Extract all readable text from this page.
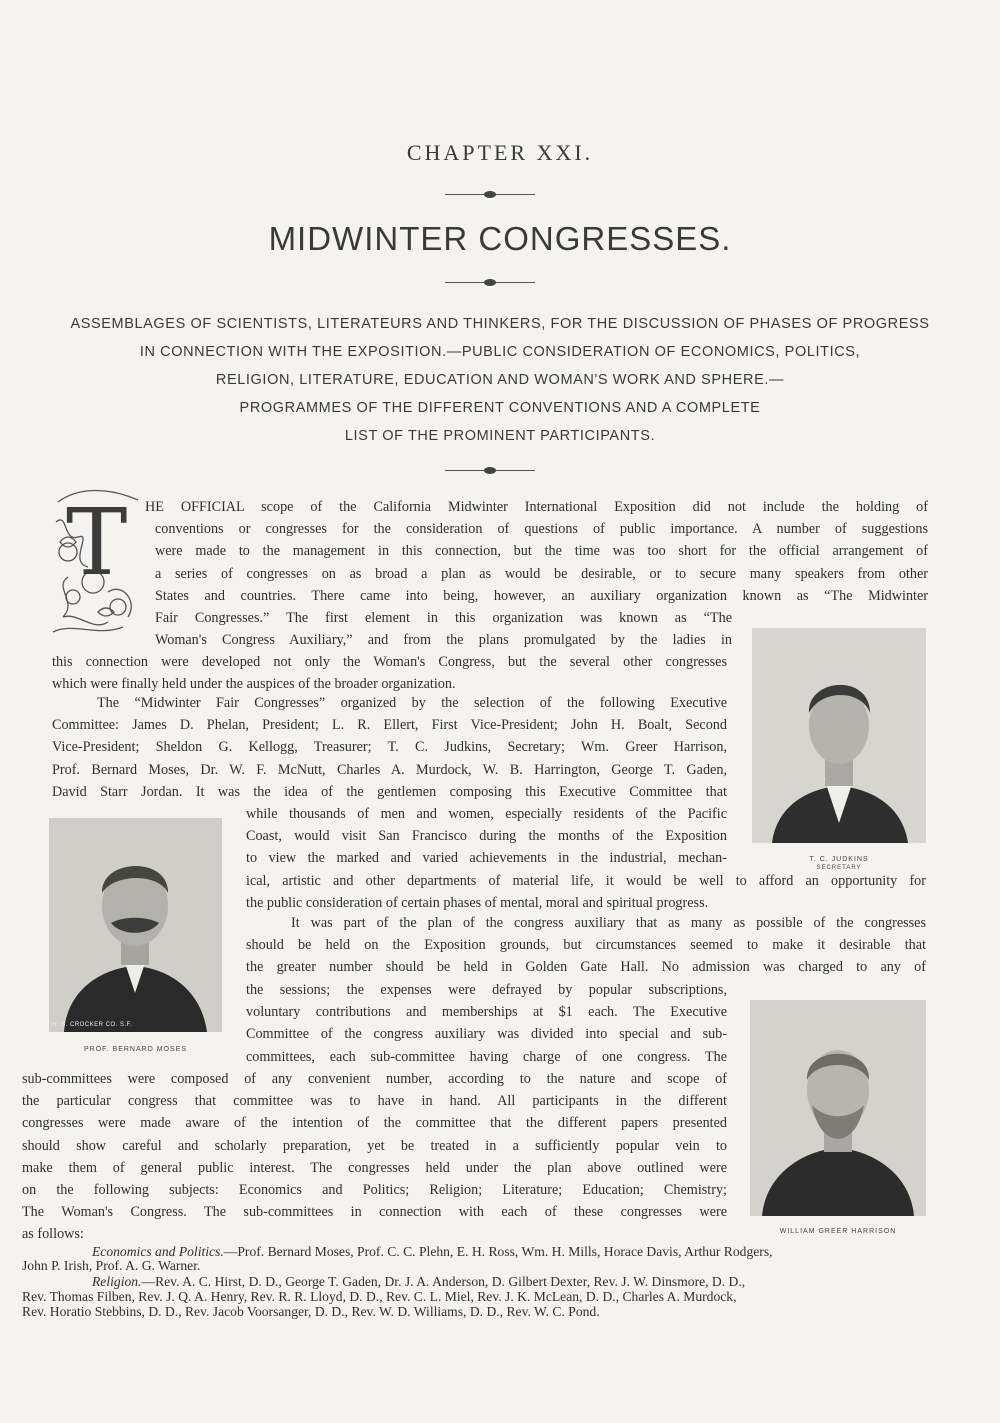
CHAPTER XXI.
MIDWINTER CONGRESSES.
ASSEMBLAGES OF SCIENTISTS, LITERATEURS AND THINKERS, FOR THE DISCUSSION OF PHASES OF PROGRESS
IN CONNECTION WITH THE EXPOSITION.—PUBLIC CONSIDERATION OF ECONOMICS, POLITICS,
RELIGION, LITERATURE, EDUCATION AND WOMAN'S WORK AND SPHERE.—
PROGRAMMES OF THE DIFFERENT CONVENTIONS AND A COMPLETE
LIST OF THE PROMINENT PARTICIPANTS.
T HE OFFICIAL scope of the California Midwinter International Exposition did not include the holding of
conventions or congresses for the consideration of questions of public importance. A number of suggestions
were made to the management in this connection, but the time was too short for the official arrangement of
a series of congresses on as broad a plan as would be desirable, or to secure many speakers from other
States and countries. There came into being, however, an auxiliary organization known as “The Midwinter
Fair Congresses.” The first element in this organization was known as “The
Woman's Congress Auxiliary,” and from the plans promulgated by the ladies in
this connection were developed not only the Woman's Congress, but the several other congresses
which were finally held under the auspices of the broader organization.
The “Midwinter Fair Congresses” organized by the selection of the following Executive
Committee: James D. Phelan, President; L. R. Ellert, First Vice-President; John H. Boalt, Second
Vice-President; Sheldon G. Kellogg, Treasurer; T. C. Judkins, Secretary; Wm. Greer Harrison,
Prof. Bernard Moses, Dr. W. F. McNutt, Charles A. Murdock, W. B. Harrington, George T. Gaden,
David Starr Jordan. It was the idea of the gentlemen composing this Executive Committee that
while thousands of men and women, especially residents of the Pacific
Coast, would visit San Francisco during the months of the Exposition
to view the marked and varied achievements in the industrial, mechan-
ical, artistic and other departments of material life, it would be well to afford an opportunity for
the public consideration of certain phases of mental, moral and spiritual progress.
It was part of the plan of the congress auxiliary that as many as possible of the congresses
should be held on the Exposition grounds, but circumstances seemed to make it desirable that
the greater number should be held in Golden Gate Hall. No admission was charged to any of
the sessions; the expenses were defrayed by popular subscriptions,
voluntary contributions and memberships at $1 each. The Executive
Committee of the congress auxiliary was divided into special and sub-
committees, each sub-committee having charge of one congress. The
sub-committees were composed of any convenient number, according to the nature and scope of
the particular congress that committee was to have in hand. All participants in the different
congresses were made aware of the intention of the committee that the different papers presented
should show careful and scholarly preparation, yet be treated in a sufficiently popular vein to
make them of general public interest. The congresses held under the plan above outlined were
on the following subjects: Economics and Politics; Religion; Literature; Education; Chemistry;
The Woman's Congress. The sub-committees in connection with each of these congresses were
as follows:
Economics and Politics.—Prof. Bernard Moses, Prof. C. C. Plehn, E. H. Ross, Wm. H. Mills, Horace Davis, Arthur Rodgers,
John P. Irish, Prof. A. G. Warner.
Religion.—Rev. A. C. Hirst, D. D., George T. Gaden, Dr. J. A. Anderson, D. Gilbert Dexter, Rev. J. W. Dinsmore, D. D.,
Rev. Thomas Filben, Rev. J. Q. A. Henry, Rev. R. R. Lloyd, D. D., Rev. C. L. Miel, Rev. J. K. McLean, D. D., Charles A. Murdock,
Rev. Horatio Stebbins, D. D., Rev. Jacob Voorsanger, D. D., Rev. W. D. Williams, D. D., Rev. W. C. Pond.
T. C. JUDKINS
SECRETARY
H. S. CROCKER CO. S.F.
PROF. BERNARD MOSES
WILLIAM GREER HARRISON
